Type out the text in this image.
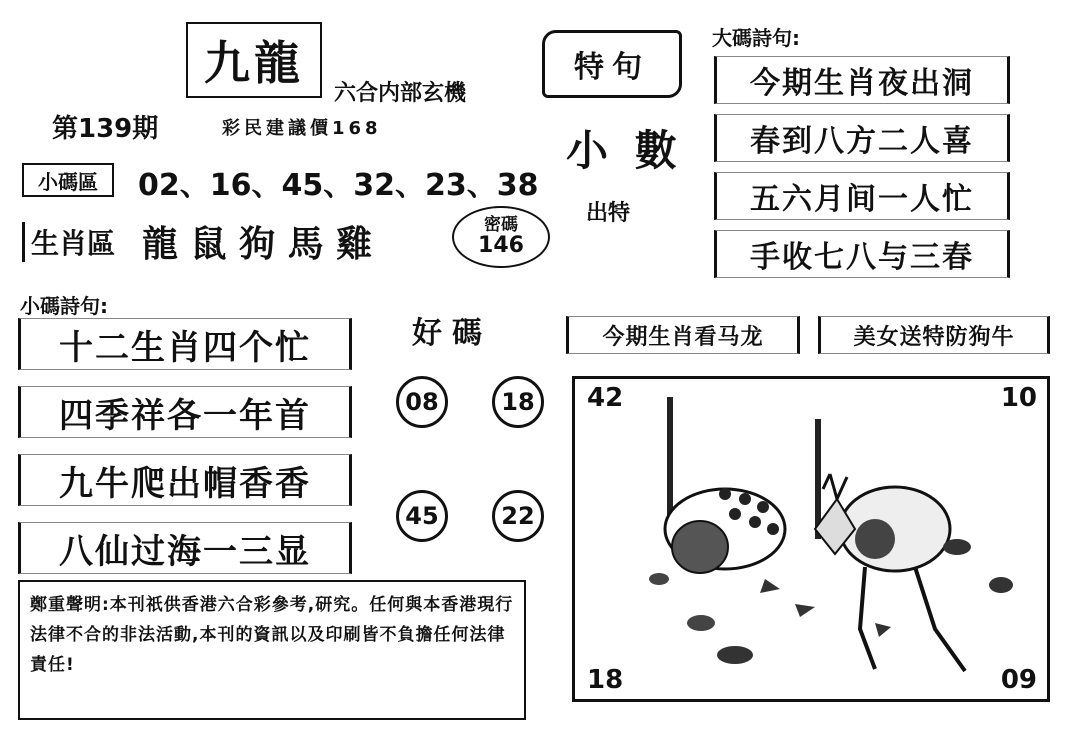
九龍
六合内部玄機
第139期	彩民建議價168
小碼區 02、16、45、32、23、38
生肖區 龍 鼠 狗 馬 雞	密碼
146
特句
小 數
出特
大碼詩句:
今期生肖夜出洞
春到八方二人喜
五六月间一人忙
手收七八与三春
小碼詩句:
十二生肖四个忙
四季祥各一年首
九牛爬出帽香香
八仙过海一三显
好碼
08	18
45	22
今期生肖看马龙	美女送特防狗牛
42	10
18	09
鄭重聲明:本刊祇供香港六合彩參考,研究。任何與本香港現行法律不合的非法活動,本刊的資訊以及印刷皆不負擔任何法律責任!
